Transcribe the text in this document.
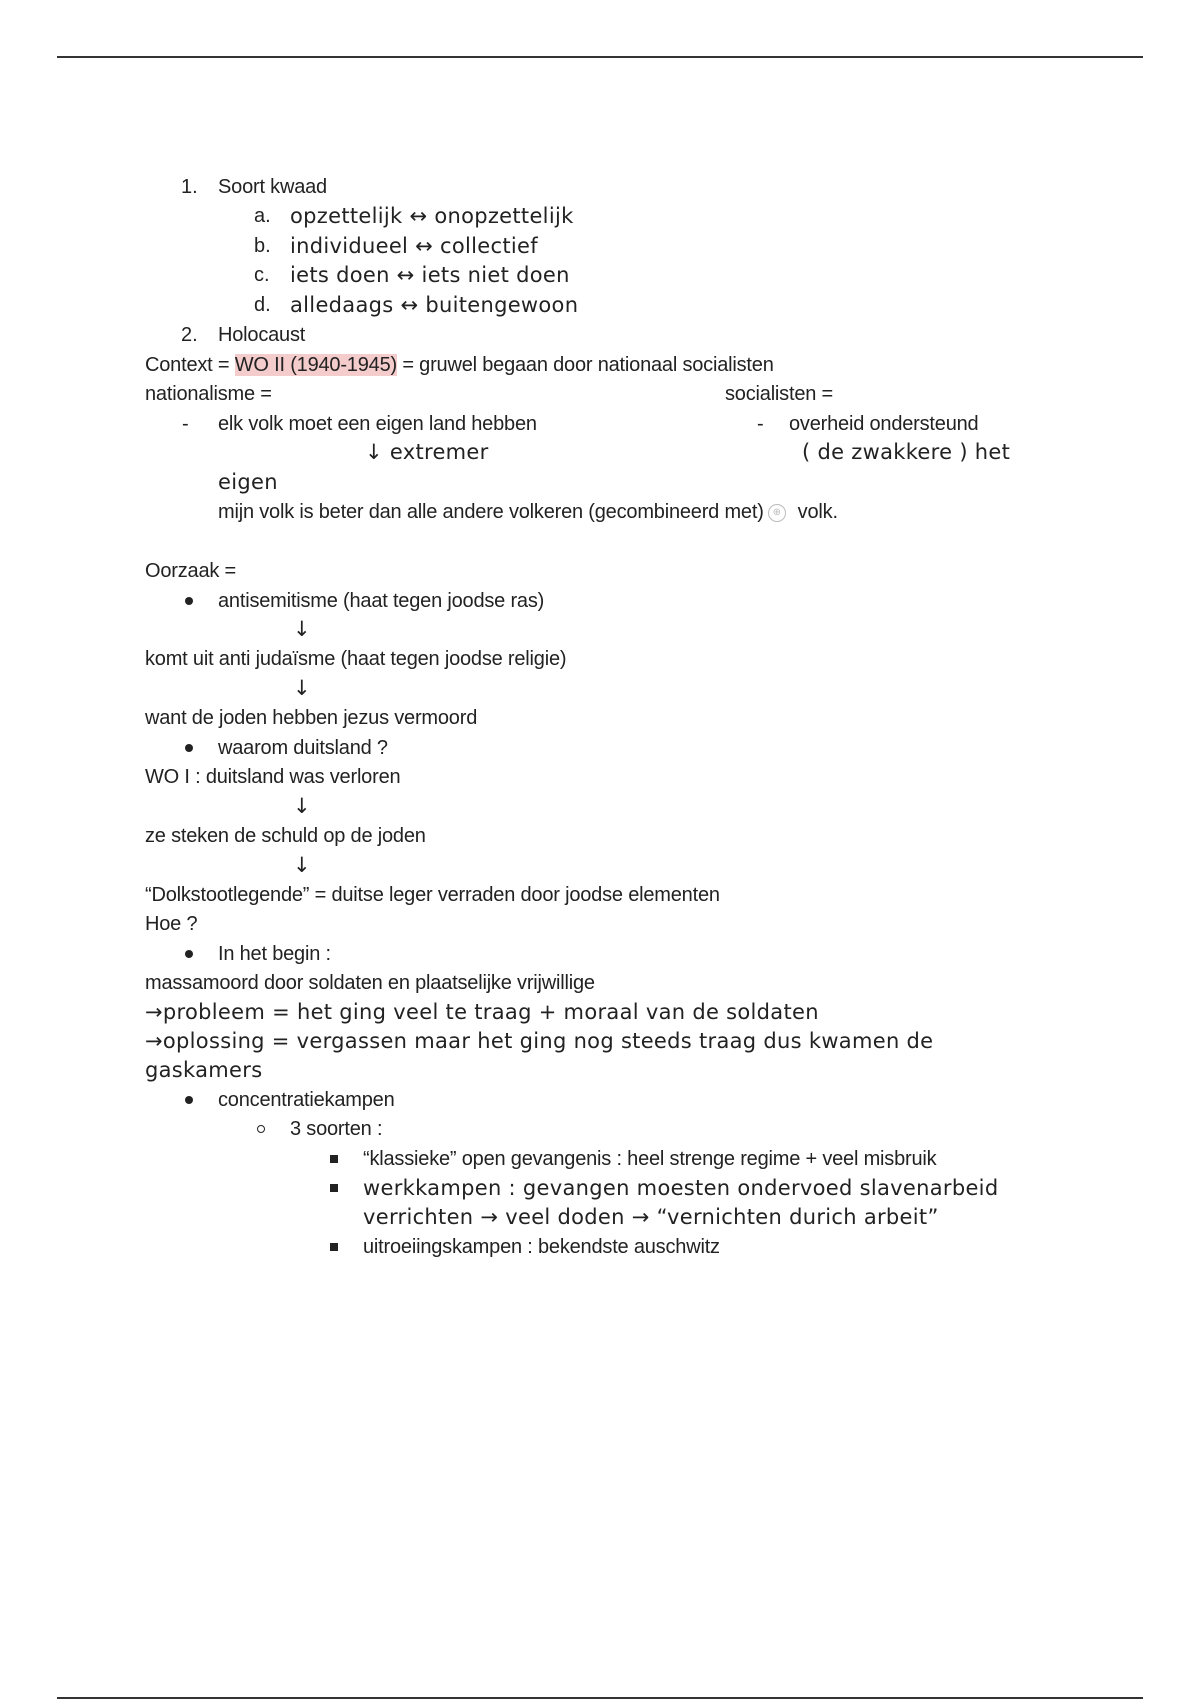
1. Soort kwaad
a. opzettelijk ↔ onopzettelijk
b. individueel ↔ collectief
c. iets doen ↔ iets niet doen
d. alledaags ↔ buitengewoon
2. Holocaust
Context = WO II (1940-1945) = gruwel begaan door nationaal socialisten
nationalisme =	socialisten =
- elk volk moet een eigen land hebben	- overheid ondersteund
↓ extremer	( de zwakkere ) het
eigen
mijn volk is beter dan alle andere volkeren (gecombineerd met) ⊕ volk.
Oorzaak =
antisemitisme (haat tegen joodse ras)
↓
komt uit anti judaïsme (haat tegen joodse religie)
↓
want de joden hebben jezus vermoord
waarom duitsland ?
WO I : duitsland was verloren
↓
ze steken de schuld op de joden
↓
“Dolkstootlegende” = duitse leger verraden door joodse elementen
Hoe ?
In het begin :
massamoord door soldaten en plaatselijke vrijwillige
→probleem = het ging veel te traag + moraal van de soldaten
→oplossing = vergassen maar het ging nog steeds traag dus kwamen de
gaskamers
concentratiekampen
3 soorten :
“klassieke” open gevangenis : heel strenge regime + veel misbruik
werkkampen : gevangen moesten ondervoed slavenarbeid
verrichten → veel doden → “vernichten durich arbeit”
uitroeiingskampen : bekendste auschwitz
